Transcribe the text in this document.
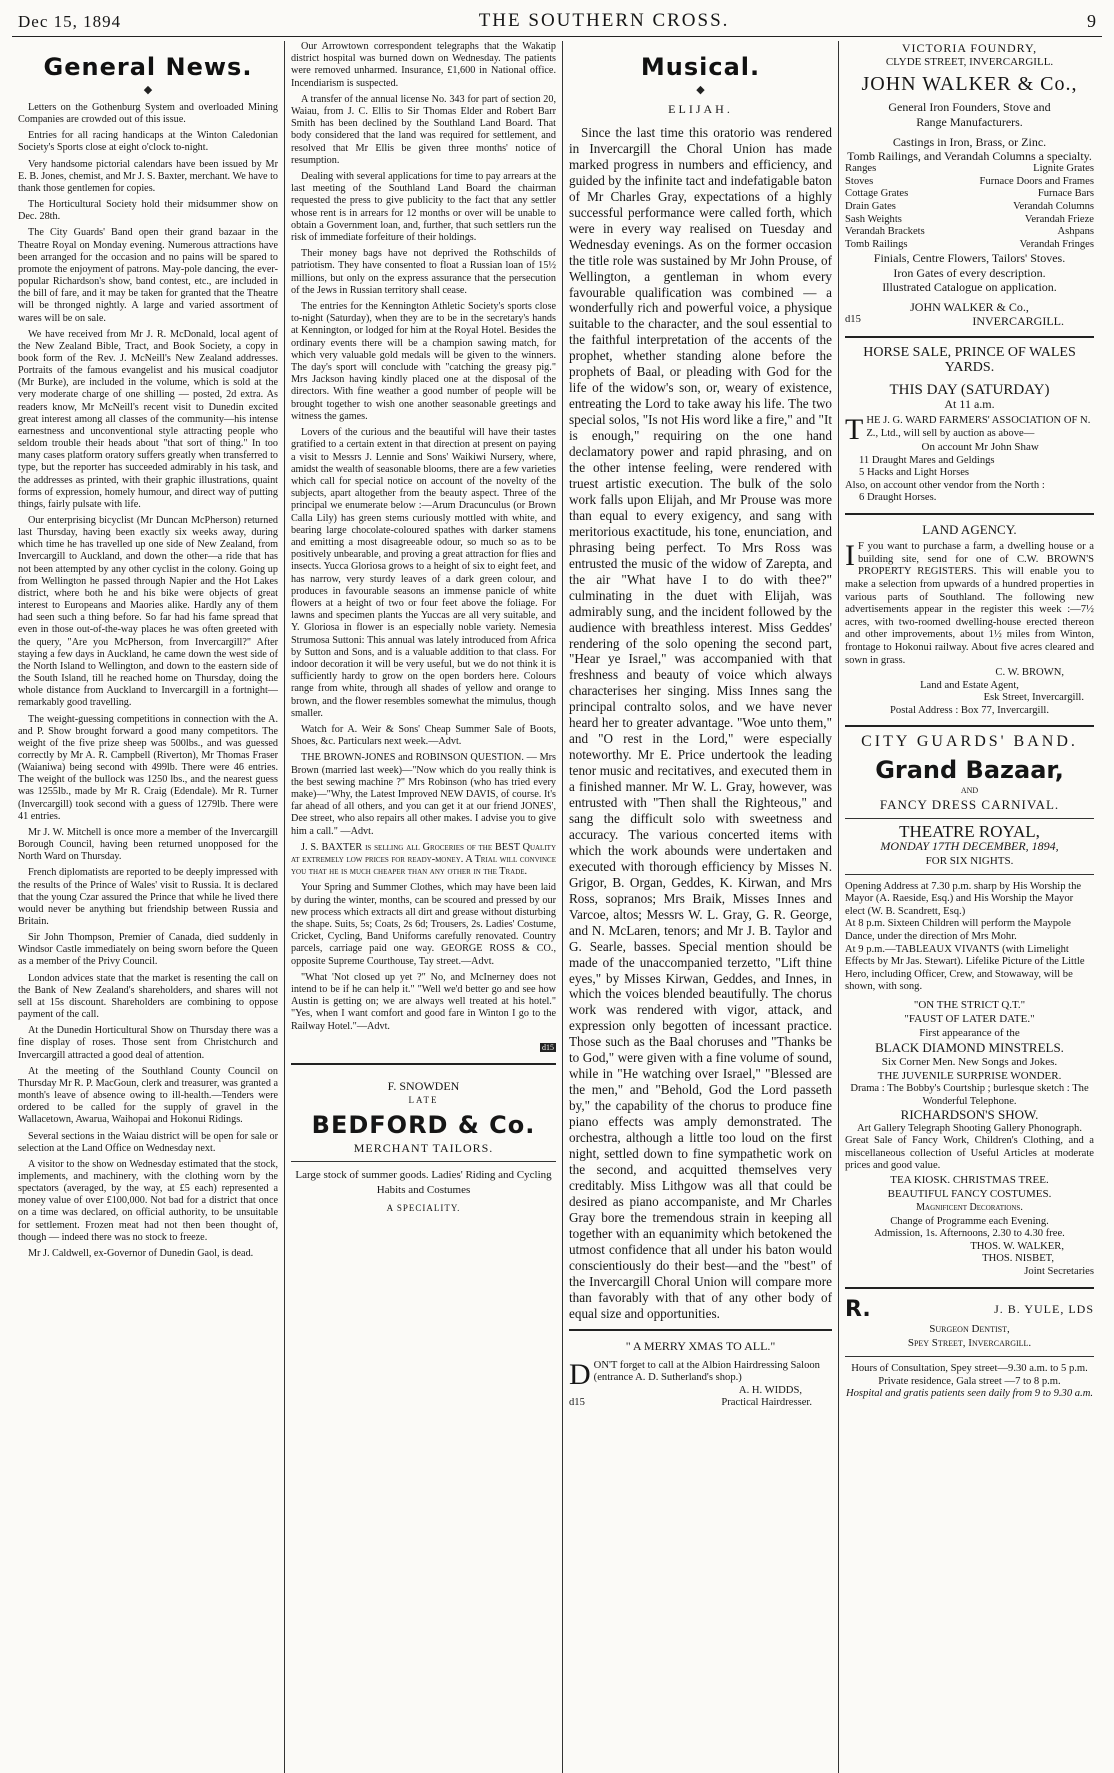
Dec 15, 1894	THE SOUTHERN CROSS.	9
General News.
◆

Letters on the Gothenburg System and overloaded Mining Companies are crowded out of this issue.

Entries for all racing handicaps at the Winton Caledonian Society's Sports close at eight o'clock to-night.

Very handsome pictorial calendars have been issued by Mr E. B. Jones, chemist, and Mr J. S. Baxter, merchant. We have to thank those gentlemen for copies.

The Horticultural Society hold their midsummer show on Dec. 28th.

The City Guards' Band open their grand bazaar in the Theatre Royal on Monday evening. Numerous attractions have been arranged for the occasion and no pains will be spared to promote the enjoyment of patrons. May-pole dancing, the ever-popular Richardson's show, band contest, etc., are included in the bill of fare, and it may be taken for granted that the Theatre will be thronged nightly. A large and varied assortment of wares will be on sale.

We have received from Mr J. R. McDonald, local agent of the New Zealand Bible, Tract, and Book Society, a copy in book form of the Rev. J. McNeill's New Zealand addresses. Portraits of the famous evangelist and his musical coadjutor (Mr Burke), are included in the volume, which is sold at the very moderate charge of one shilling — posted, 2d extra. As readers know, Mr McNeill's recent visit to Dunedin excited great interest among all classes of the community—his intense earnestness and unconventional style attracting people who seldom trouble their heads about "that sort of thing." In too many cases platform oratory suffers greatly when transferred to type, but the reporter has succeeded admirably in his task, and the addresses as printed, with their graphic illustrations, quaint forms of expression, homely humour, and direct way of putting things, fairly pulsate with life.

Our enterprising bicyclist (Mr Duncan McPherson) returned last Thursday, having been exactly six weeks away, during which time he has travelled up one side of New Zealand, from Invercargill to Auckland, and down the other—a ride that has not been attempted by any other cyclist in the colony. Going up from Wellington he passed through Napier and the Hot Lakes district, where both he and his bike were objects of great interest to Europeans and Maories alike. Hardly any of them had seen such a thing before. So far had his fame spread that even in those out-of-the-way places he was often greeted with the query, "Are you McPherson, from Invercargill?" After staying a few days in Auckland, he came down the west side of the North Island to Wellington, and down to the eastern side of the South Island, till he reached home on Thursday, doing the whole distance from Auckland to Invercargill in a fortnight—remarkably good travelling.

The weight-guessing competitions in connection with the A. and P. Show brought forward a good many competitors. The weight of the five prize sheep was 500lbs., and was guessed correctly by Mr A. R. Campbell (Riverton), Mr Thomas Fraser (Waianiwa) being second with 499lb. There were 46 entries. The weight of the bullock was 1250 lbs., and the nearest guess was 1255lb., made by Mr R. Craig (Edendale). Mr R. Turner (Invercargill) took second with a guess of 1279lb. There were 41 entries.

Mr J. W. Mitchell is once more a member of the Invercargill Borough Council, having been returned unopposed for the North Ward on Thursday.

French diplomatists are reported to be deeply impressed with the results of the Prince of Wales' visit to Russia. It is declared that the young Czar assured the Prince that while he lived there would never be anything but friendship between Russia and Britain.

Sir John Thompson, Premier of Canada, died suddenly in Windsor Castle immediately on being sworn before the Queen as a member of the Privy Council.

London advices state that the market is resenting the call on the Bank of New Zealand's shareholders, and shares will not sell at 15s discount. Shareholders are combining to oppose payment of the call.

At the Dunedin Horticultural Show on Thursday there was a fine display of roses. Those sent from Christchurch and Invercargill attracted a good deal of attention.

At the meeting of the Southland County Council on Thursday Mr R. P. MacGoun, clerk and treasurer, was granted a month's leave of absence owing to ill-health.—Tenders were ordered to be called for the supply of gravel in the Wallacetown, Awarua, Waihopai and Hokonui Ridings.

Several sections in the Waiau district will be open for sale or selection at the Land Office on Wednesday next.

A visitor to the show on Wednesday estimated that the stock, implements, and machinery, with the clothing worn by the spectators (averaged, by the way, at £5 each) represented a money value of over £100,000. Not bad for a district that once on a time was declared, on official authority, to be unsuitable for settlement. Frozen meat had not then been thought of, though — indeed there was no stock to freeze.

Mr J. Caldwell, ex-Governor of Dunedin Gaol, is dead.

Our Arrowtown correspondent telegraphs that the Wakatip district hospital was burned down on Wednesday. The patients were removed unharmed. Insurance, £1,600 in National office. Incendiarism is suspected.

A transfer of the annual license No. 343 for part of section 20, Waiau, from J. C. Ellis to Sir Thomas Elder and Robert Barr Smith has been declined by the Southland Land Board. That body considered that the land was required for settlement, and resolved that Mr Ellis be given three months' notice of resumption.

Dealing with several applications for time to pay arrears at the last meeting of the Southland Land Board the chairman requested the press to give publicity to the fact that any settler whose rent is in arrears for 12 months or over will be unable to obtain a Government loan, and, further, that such settlers run the risk of immediate forfeiture of their holdings.

Their money bags have not deprived the Rothschilds of patriotism. They have consented to float a Russian loan of 15½ millions, but only on the express assurance that the persecution of the Jews in Russian territory shall cease.

The entries for the Kennington Athletic Society's sports close to-night (Saturday), when they are to be in the secretary's hands at Kennington, or lodged for him at the Royal Hotel. Besides the ordinary events there will be a champion sawing match, for which very valuable gold medals will be given to the winners. The day's sport will conclude with "catching the greasy pig." Mrs Jackson having kindly placed one at the disposal of the directors. With fine weather a good number of people will be brought together to wish one another seasonable greetings and witness the games.

Lovers of the curious and the beautiful will have their tastes gratified to a certain extent in that direction at present on paying a visit to Messrs J. Lennie and Sons' Waikiwi Nursery, where, amidst the wealth of seasonable blooms, there are a few varieties which call for special notice on account of the novelty of the subjects, apart altogether from the beauty aspect. Three of the principal we enumerate below :—Arum Dracunculus (or Brown Calla Lily) has green stems curiously mottled with white, and bearing large chocolate-coloured spathes with darker stamens and emitting a most disagreeable odour, so much so as to be positively unbearable, and proving a great attraction for flies and insects. Yucca Gloriosa grows to a height of six to eight feet, and has narrow, very sturdy leaves of a dark green colour, and produces in favourable seasons an immense panicle of white flowers at a height of two or four feet above the foliage. For lawns and specimen plants the Yuccas are all very suitable, and Y. Gloriosa in flower is an especially noble variety. Nemesia Strumosa Suttoni: This annual was lately introduced from Africa by Sutton and Sons, and is a valuable addition to that class. For indoor decoration it will be very useful, but we do not think it is sufficiently hardy to grow on the open borders here. Colours range from white, through all shades of yellow and orange to brown, and the flower resembles somewhat the mimulus, though smaller.

Watch for A. Weir & Sons' Cheap Summer Sale of Boots, Shoes, &c. Particulars next week.—Advt.

THE BROWN-JONES and ROBINSON QUESTION. — Mrs Brown (married last week)—"Now which do you really think is the best sewing machine ?" Mrs Robinson (who has tried every make)—"Why, the Latest Improved NEW DAVIS, of course. It's far ahead of all others, and you can get it at our friend JONES', Dee street, who also repairs all other makes. I advise you to give him a call." —Advt.

J. S. BAXTER is selling all Groceries of the BEST Quality at extremely low prices for ready-money. A Trial will convince you that he is much cheaper than any other in the Trade.

Your Spring and Summer Clothes, which may have been laid by during the winter, months, can be scoured and pressed by our new process which extracts all dirt and grease without disturbing the shape. Suits, 5s; Coats, 2s 6d; Trousers, 2s. Ladies' Costume, Cricket, Cycling, Band Uniforms carefully renovated. Country parcels, carriage paid one way. GEORGE ROSS & CO., opposite Supreme Courthouse, Tay street.—Advt.

"What 'Not closed up yet ?" No, and McInerney does not intend to be if he can help it." "Well we'd better go and see how Austin is getting on; we are always well treated at his hotel." "Yes, when I want comfort and good fare in Winton I go to the Railway Hotel."—Advt.

d15

F. SNOWDEN

LATE

BEDFORD & Co.

MERCHANT TAILORS.

Large stock of summer goods. Ladies' Riding and Cycling Habits and Costumes

A SPECIALITY.

Musical.
◆
ELIJAH.

Since the last time this oratorio was rendered in Invercargill the Choral Union has made marked progress in numbers and efficiency, and guided by the infinite tact and indefatigable baton of Mr Charles Gray, expectations of a highly successful performance were called forth, which were in every way realised on Tuesday and Wednesday evenings. As on the former occasion the title role was sustained by Mr John Prouse, of Wellington, a gentleman in whom every favourable qualification was combined — a wonderfully rich and powerful voice, a physique suitable to the character, and the soul essential to the faithful interpretation of the accents of the prophet, whether standing alone before the prophets of Baal, or pleading with God for the life of the widow's son, or, weary of existence, entreating the Lord to take away his life. The two special solos, "Is not His word like a fire," and "It is enough," requiring on the one hand declamatory power and rapid phrasing, and on the other intense feeling, were rendered with truest artistic execution. The bulk of the solo work falls upon Elijah, and Mr Prouse was more than equal to every exigency, and sang with meritorious exactitude, his tone, enunciation, and phrasing being perfect. To Mrs Ross was entrusted the music of the widow of Zarepta, and the air "What have I to do with thee?" culminating in the duet with Elijah, was admirably sung, and the incident followed by the audience with breathless interest. Miss Geddes' rendering of the solo opening the second part, "Hear ye Israel," was accompanied with that freshness and beauty of voice which always characterises her singing. Miss Innes sang the principal contralto solos, and we have never heard her to greater advantage. "Woe unto them," and "O rest in the Lord," were especially noteworthy. Mr E. Price undertook the leading tenor music and recitatives, and executed them in a finished manner. Mr W. L. Gray, however, was entrusted with "Then shall the Righteous," and sang the difficult solo with sweetness and accuracy. The various concerted items with which the work abounds were undertaken and executed with thorough efficiency by Misses N. Grigor, B. Organ, Geddes, K. Kirwan, and Mrs Ross, sopranos; Mrs Braik, Misses Innes and Varcoe, altos; Messrs W. L. Gray, G. R. George, and N. McLaren, tenors; and Mr J. B. Taylor and G. Searle, basses. Special mention should be made of the unaccompanied terzetto, "Lift thine eyes," by Misses Kirwan, Geddes, and Innes, in which the voices blended beautifully. The chorus work was rendered with vigor, attack, and expression only begotten of incessant practice. Those such as the Baal choruses and "Thanks be to God," were given with a fine volume of sound, while in "He watching over Israel," "Blessed are the men," and "Behold, God the Lord passeth by," the capability of the chorus to produce fine piano effects was amply demonstrated. The orchestra, although a little too loud on the first night, settled down to fine sympathetic work on the second, and acquitted themselves very creditably. Miss Lithgow was all that could be desired as piano accompaniste, and Mr Charles Gray bore the tremendous strain in keeping all together with an equanimity which betokened the utmost confidence that all under his baton would conscientiously do their best—and the "best" of the Invercargill Choral Union will compare more than favorably with that of any other body of equal size and opportunities.

" A MERRY XMAS TO ALL."

DON'T forget to call at the Albion Hairdressing Saloon (entrance A. D. Sutherland's shop.)

A. H. WIDDS,

d15	Practical Hairdresser.

VICTORIA FOUNDRY,

CLYDE STREET, INVERCARGILL.

JOHN WALKER & Co.,

General Iron Founders, Stove and

Range Manufacturers.

Castings in Iron, Brass, or Zinc.

Tomb Railings, and Verandah Columns a specialty.

Ranges	Lignite Grates
Stoves	Furnace Doors and Frames
Cottage Grates	Furnace Bars
Drain Gates	Verandah Columns
Sash Weights	Verandah Frieze
Verandah Brackets	Ashpans
Tomb Railings	Verandah Fringes

Finials, Centre Flowers, Tailors' Stoves.

Iron Gates of every description.

Illustrated Catalogue on application.

JOHN WALKER & Co.,

d15	INVERCARGILL.

HORSE SALE, PRINCE OF WALES YARDS.

THIS DAY (SATURDAY)

At 11 a.m.

THE J. G. WARD FARMERS' ASSOCIATION OF N. Z., Ltd., will sell by auction as above—

On account Mr John Shaw

11 Draught Mares and Geldings

5 Hacks and Light Horses

Also, on account other vendor from the North :

6 Draught Horses.

LAND AGENCY.

I F you want to purchase a farm, a dwelling house or a building site, send for one of C.W. BROWN'S PROPERTY REGISTERS. This will enable you to make a selection from upwards of a hundred properties in various parts of Southland. The following new advertisements appear in the register this week :—7½ acres, with two-roomed dwelling-house erected thereon and other improvements, about 1½ miles from Winton, frontage to Hokonui railway. About five acres cleared and sown in grass.

C. W. BROWN,

Land and Estate Agent,

Esk Street, Invercargill.

Postal Address : Box 77, Invercargill.

CITY GUARDS' BAND.

Grand Bazaar,

AND

FANCY DRESS CARNIVAL.

THEATRE ROYAL,

MONDAY 17TH DECEMBER, 1894,

FOR SIX NIGHTS.

Opening Address at 7.30 p.m. sharp by His Worship the Mayor (A. Raeside, Esq.) and His Worship the Mayor elect (W. B. Scandrett, Esq.)

At 8 p.m. Sixteen Children will perform the Maypole Dance, under the direction of Mrs Mohr.

At 9 p.m.—TABLEAUX VIVANTS (with Limelight Effects by Mr Jas. Stewart). Lifelike Picture of the Little Hero, including Officer, Crew, and Stowaway, will be shown, with song.

"ON THE STRICT Q.T."

"FAUST OF LATER DATE."

First appearance of the

BLACK DIAMOND MINSTRELS.

Six Corner Men. New Songs and Jokes.

THE JUVENILE SURPRISE WONDER.

Drama : The Bobby's Courtship ; burlesque sketch : The Wonderful Telephone.

RICHARDSON'S SHOW.

Art Gallery Telegraph Shooting Gallery Phonograph.

Great Sale of Fancy Work, Children's Clothing, and a miscellaneous collection of Useful Articles at moderate prices and good value.

TEA KIOSK. CHRISTMAS TREE.

BEAUTIFUL FANCY COSTUMES.

Magnificent Decorations.

Change of Programme each Evening.

Admission, 1s. Afternoons, 2.30 to 4.30 free.

THOS. W. WALKER,

THOS. NISBET,

Joint Secretaries

R.	J. B. YULE, LDS

Surgeon Dentist,

Spey Street, Invercargill.

Hours of Consultation, Spey street—9.30 a.m. to 5 p.m. Private residence, Gala street —7 to 8 p.m.

Hospital and gratis patients seen daily from 9 to 9.30 a.m.
